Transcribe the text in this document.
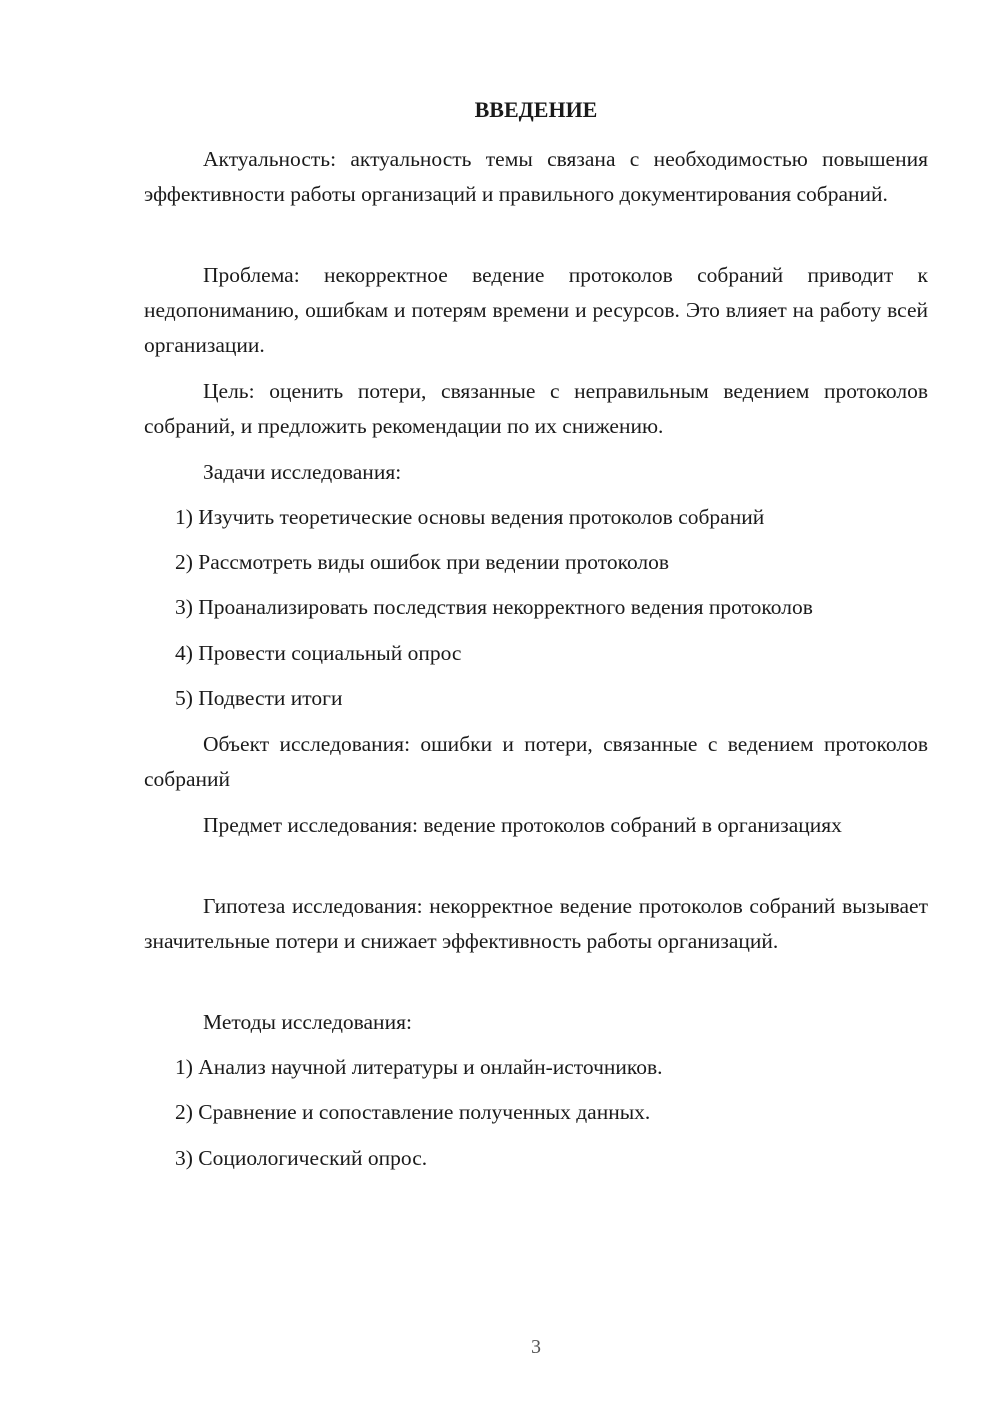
ВВЕДЕНИЕ

Актуальность: актуальность темы связана с необходимостью повышения эффективности работы организаций и правильного документирования собраний.

Проблема: некорректное ведение протоколов собраний приводит к недопониманию, ошибкам и потерям времени и ресурсов. Это влияет на работу всей организации.

Цель: оценить потери, связанные с неправильным ведением протоколов собраний, и предложить рекомендации по их снижению.

Задачи исследования:

1) Изучить теоретические основы ведения протоколов собраний

2) Рассмотреть виды ошибок при ведении протоколов

3) Проанализировать последствия некорректного ведения протоколов

4) Провести социальный опрос

5) Подвести итоги

Объект исследования: ошибки и потери, связанные с ведением протоколов собраний

Предмет исследования: ведение протоколов собраний в организациях

Гипотеза исследования: некорректное ведение протоколов собраний вызывает значительные потери и снижает эффективность работы организаций.

Методы исследования:

1) Анализ научной литературы и онлайн-источников.

2) Сравнение и сопоставление полученных данных.

3) Социологический опрос.

3
